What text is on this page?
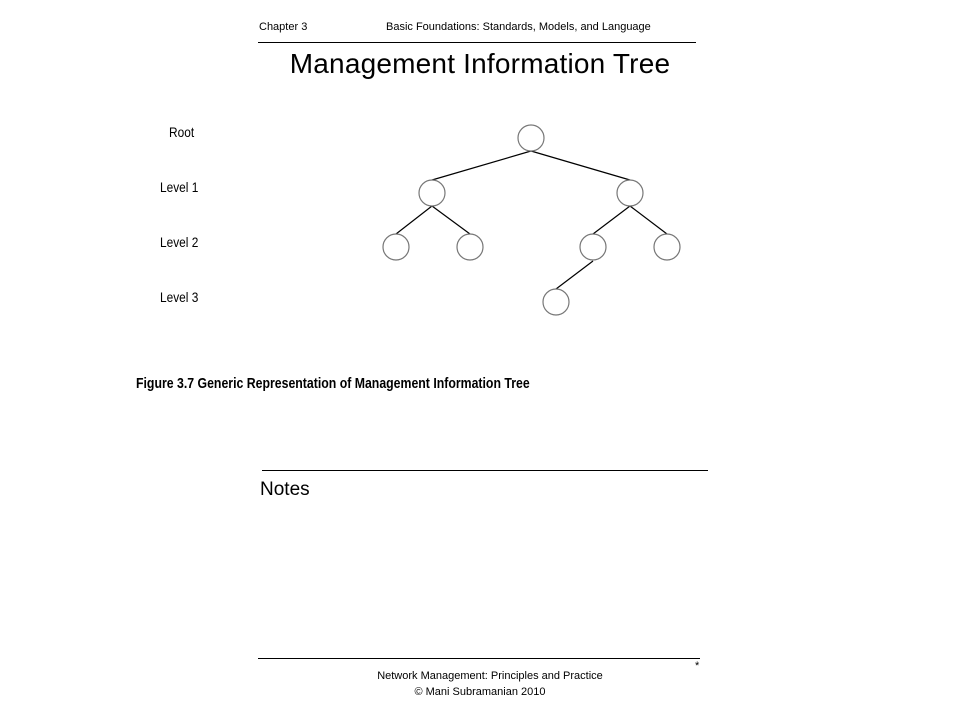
Chapter 3	Basic Foundations: Standards, Models, and Language
Management Information Tree
Root
Level 1
Level 2
Level 3
Figure 3.7 Generic Representation of Management Information Tree
Notes
*
Network Management: Principles and Practice
© Mani Subramanian 2010
